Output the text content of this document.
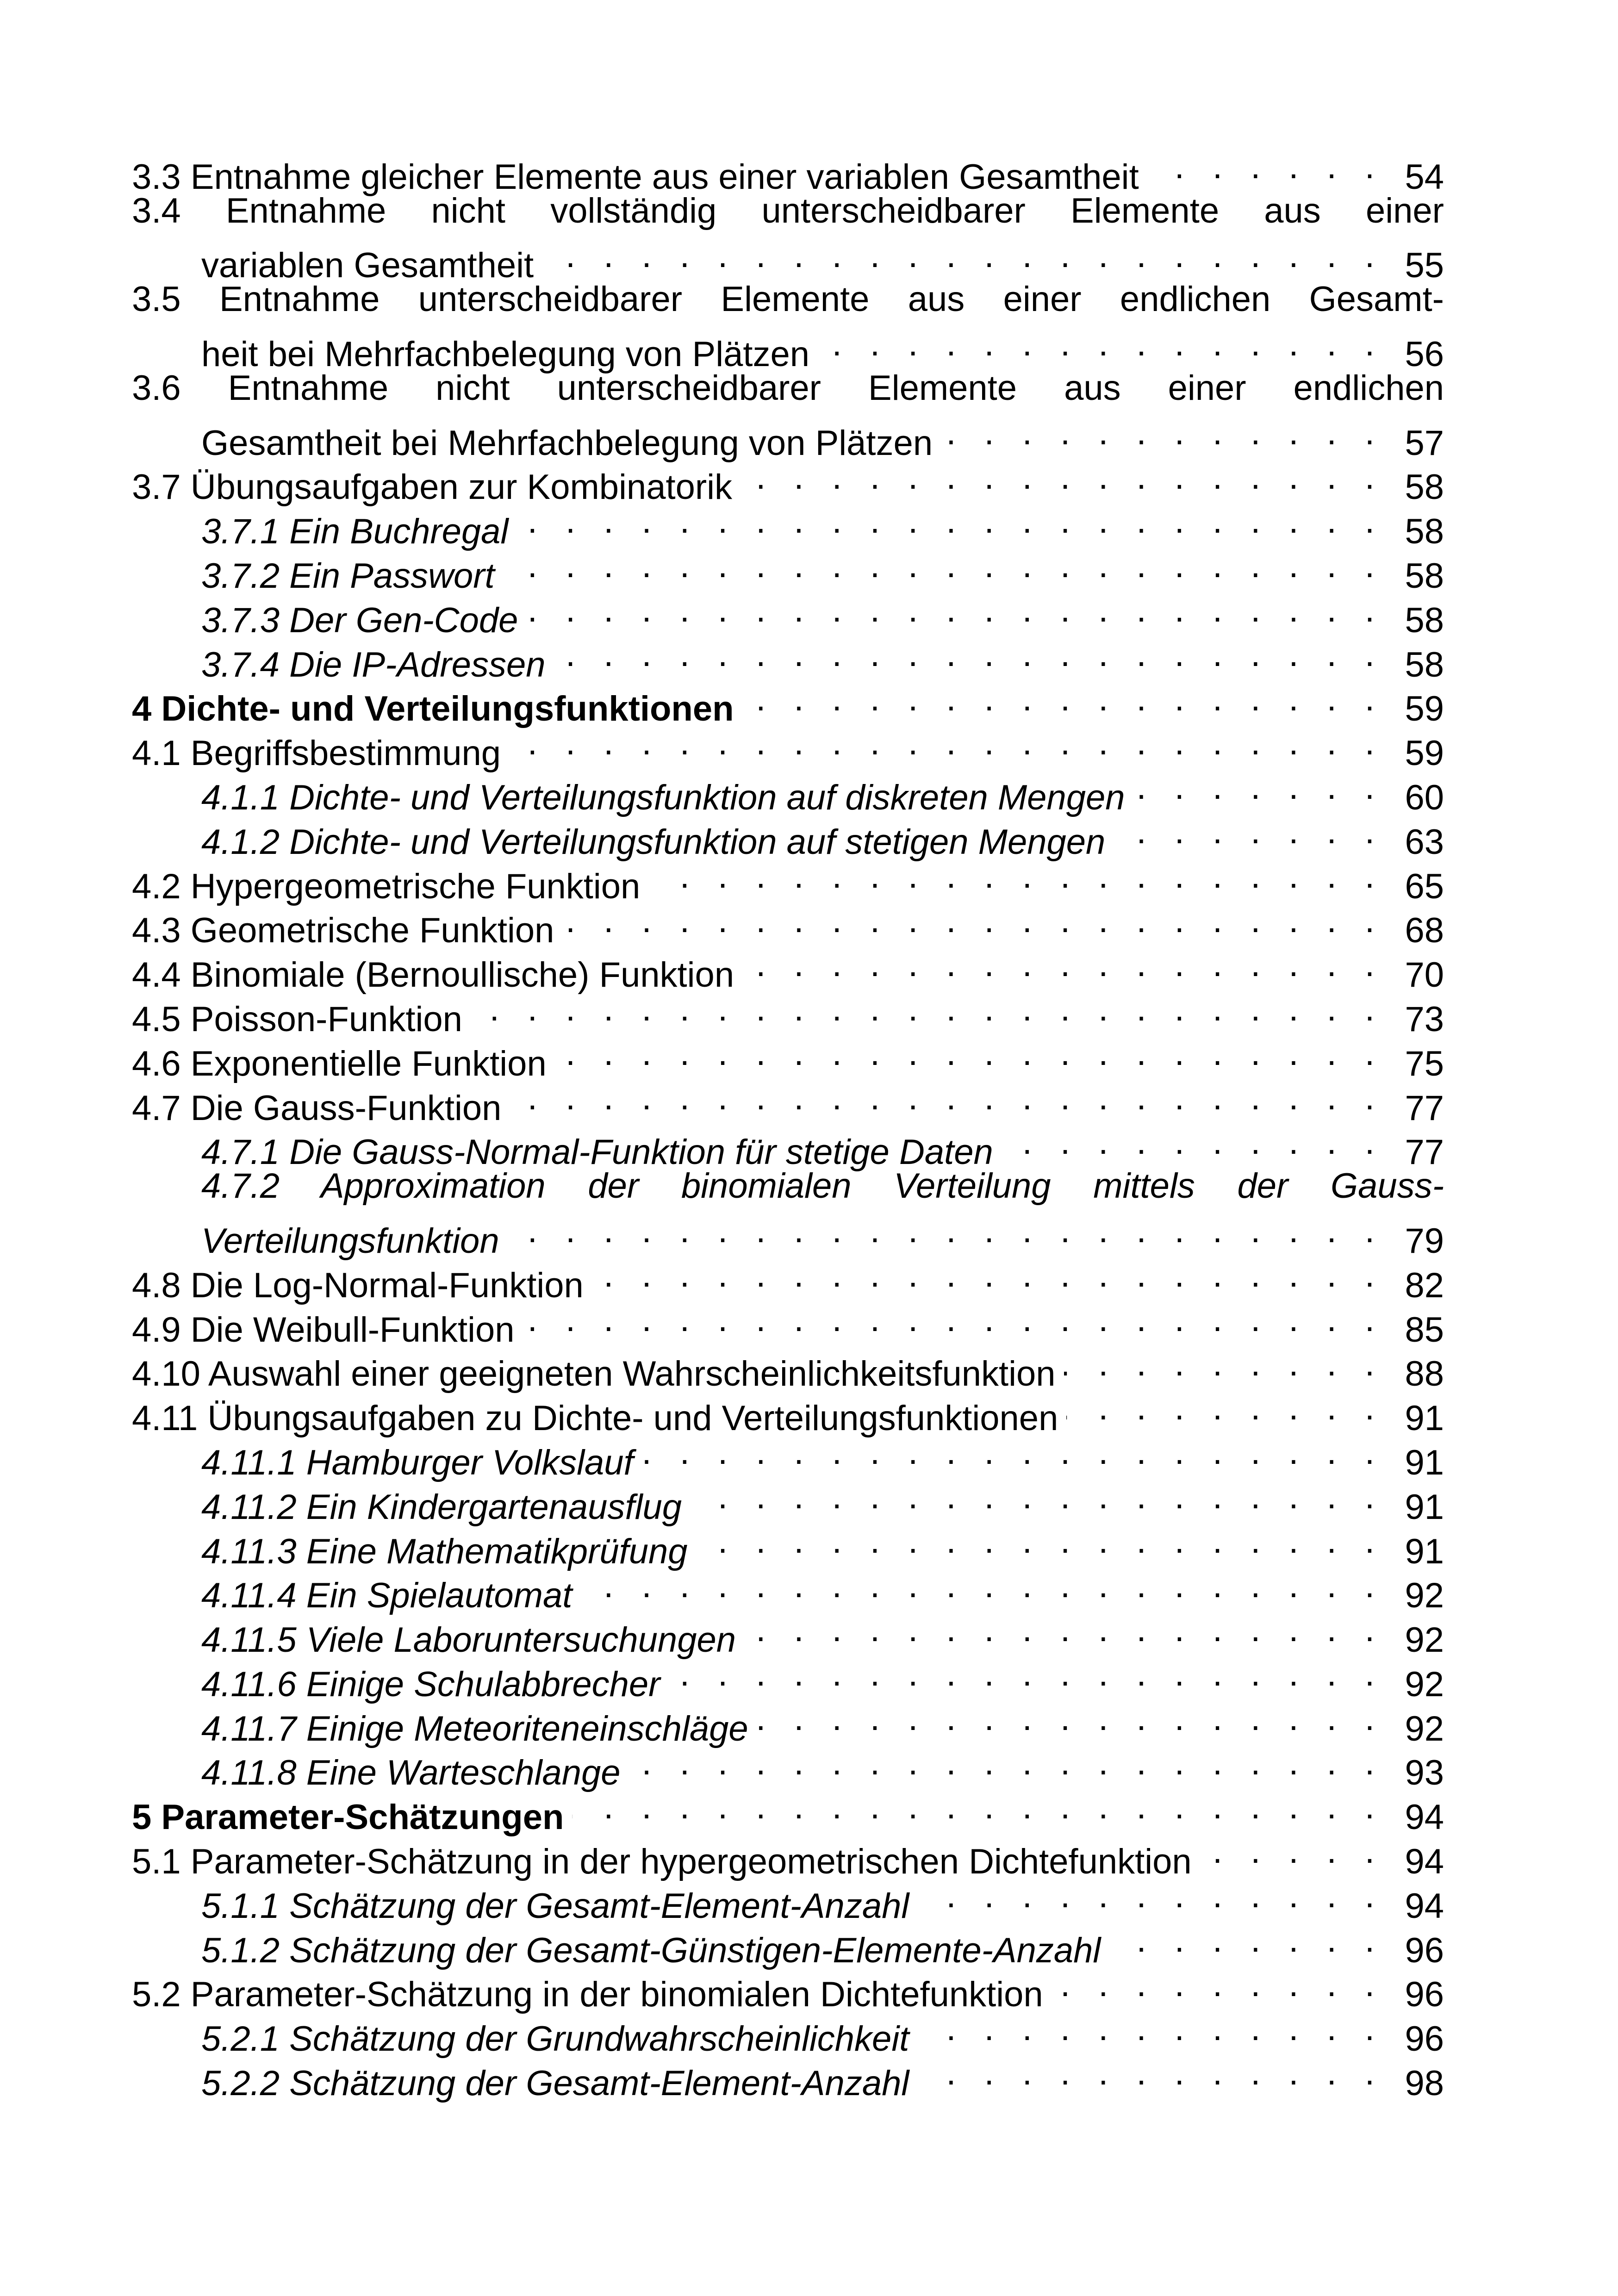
3.3 Entnahme gleicher Elemente aus einer variablen Gesamtheit . . .	54
3.4 Entnahme nicht vollständig unterscheidbarer Elemente aus einer
variablen Gesamtheit . . .	55
3.5 Entnahme unterscheidbarer Elemente aus einer endlichen Gesamt-
heit bei Mehrfachbelegung von Plätzen . . .	56
3.6 Entnahme nicht unterscheidbarer Elemente aus einer endlichen
Gesamtheit bei Mehrfachbelegung von Plätzen . . .	57
3.7 Übungsaufgaben zur Kombinatorik . . .	58
3.7.1 Ein Buchregal . . .	58
3.7.2 Ein Passwort . . .	58
3.7.3 Der Gen-Code . . .	58
3.7.4 Die IP-Adressen . . .	58
4 Dichte- und Verteilungsfunktionen . . .	59
4.1 Begriffsbestimmung . . .	59
4.1.1 Dichte- und Verteilungsfunktion auf diskreten Mengen . . .	60
4.1.2 Dichte- und Verteilungsfunktion auf stetigen Mengen . . .	63
4.2 Hypergeometrische Funktion . . .	65
4.3 Geometrische Funktion . . .	68
4.4 Binomiale (Bernoullische) Funktion . . .	70
4.5 Poisson-Funktion . . .	73
4.6 Exponentielle Funktion . . .	75
4.7 Die Gauss-Funktion . . .	77
4.7.1 Die Gauss-Normal-Funktion für stetige Daten . . .	77
4.7.2 Approximation der binomialen Verteilung mittels der Gauss-
Verteilungsfunktion . . .	79
4.8 Die Log-Normal-Funktion . . .	82
4.9 Die Weibull-Funktion . . .	85
4.10 Auswahl einer geeigneten Wahrscheinlichkeitsfunktion . . .	88
4.11 Übungsaufgaben zu Dichte- und Verteilungsfunktionen . . .	91
4.11.1 Hamburger Volkslauf . . .	91
4.11.2 Ein Kindergartenausflug . . .	91
4.11.3 Eine Mathematikprüfung . . .	91
4.11.4 Ein Spielautomat . . .	92
4.11.5 Viele Laboruntersuchungen . . .	92
4.11.6 Einige Schulabbrecher . . .	92
4.11.7 Einige Meteoriteneinschläge . . .	92
4.11.8 Eine Warteschlange . . .	93
5 Parameter-Schätzungen . . .	94
5.1 Parameter-Schätzung in der hypergeometrischen Dichtefunktion . . .	94
5.1.1 Schätzung der Gesamt-Element-Anzahl . . .	94
5.1.2 Schätzung der Gesamt-Günstigen-Elemente-Anzahl . . .	96
5.2 Parameter-Schätzung in der binomialen Dichtefunktion . . .	96
5.2.1 Schätzung der Grundwahrscheinlichkeit . . .	96
5.2.2 Schätzung der Gesamt-Element-Anzahl . . .	98
